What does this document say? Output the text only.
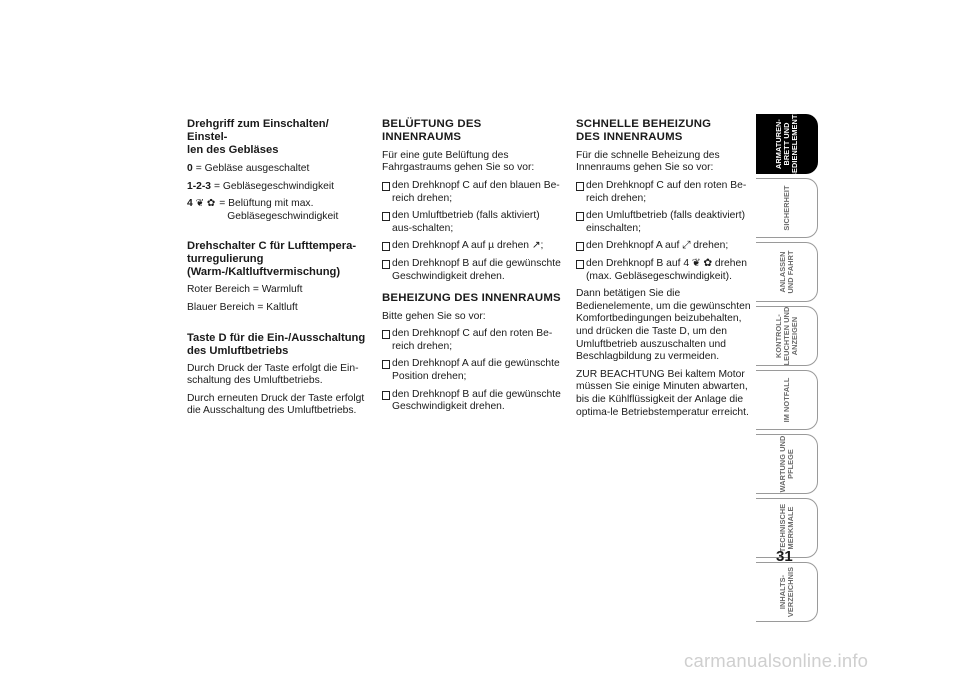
Drehgriff zum Einschalten/ Einstel-
len des Gebläses
0 = Gebläse ausgeschaltet
1-2-3 = Gebläsegeschwindigkeit
4 ❦ ✿ = Belüftung mit max.
Gebläsegeschwindigkeit
Drehschalter C für Lufttempera-
turregulierung
(Warm-/Kaltluftvermischung)

Roter Bereich = Warmluft

Blauer Bereich = Kaltluft

Taste D für die Ein-/Ausschaltung
des Umluftbetriebs

Durch Druck der Taste erfolgt die Ein-schaltung des Umluftbetriebs.

Durch erneuten Druck der Taste erfolgt die Ausschaltung des Umluftbetriebs.

BELÜFTUNG DES INNENRAUMS

Für eine gute Belüftung des Fahrgastraums gehen Sie so vor:

den Drehknopf C auf den blauen Be-reich drehen;
den Umluftbetrieb (falls aktiviert) aus-schalten;
den Drehknopf A auf µ drehen ↗;
den Drehknopf B auf die gewünschte Geschwindigkeit drehen.
BEHEIZUNG DES INNENRAUMS

Bitte gehen Sie so vor:

den Drehknopf C auf den roten Be-reich drehen;
den Drehknopf A auf die gewünschte Position drehen;
den Drehknopf B auf die gewünschte Geschwindigkeit drehen.
SCHNELLE BEHEIZUNG
DES INNENRAUMS

Für die schnelle Beheizung des Innenraums gehen Sie so vor:

den Drehknopf C auf den roten Be-reich drehen;
den Umluftbetrieb (falls deaktiviert) einschalten;
den Drehknopf A auf ⤢ drehen;
den Drehknopf B auf 4 ❦ ✿ drehen (max. Gebläsegeschwindigkeit).

Dann betätigen Sie die Bedienelemente, um die gewünschten Komfortbedingungen beizubehalten, und drücken die Taste D, um den Umluftbetrieb auszuschalten und Beschlagbildung zu vermeiden.

ZUR BEACHTUNG Bei kaltem Motor müssen Sie einige Minuten abwarten, bis die Kühlflüssigkeit der Anlage die optima-le Betriebstemperatur erreicht.

ARMATUREN-
BRETT UND
BEDIENELEMENTE
SICHERHEIT
ANLASSEN
UND FAHRT
KONTROLL-
LEUCHTEN UND
ANZEIGEN
IM NOTFALL
WARTUNG UND
PFLEGE
TECHNISCHE
MERKMALE
INHALTS-
VERZEICHNIS
31
carmanualsonline.info
